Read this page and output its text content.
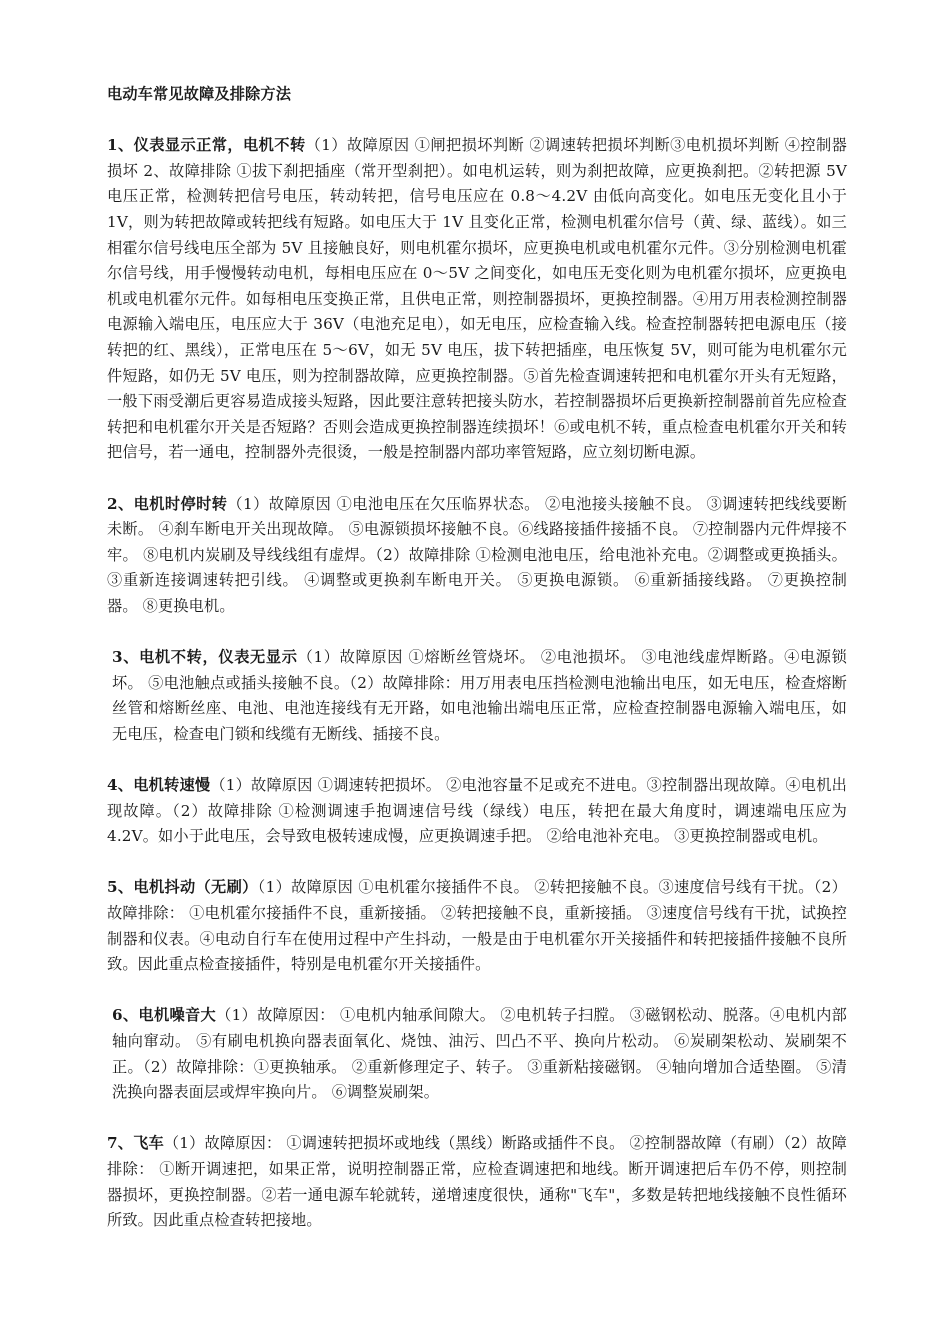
电动车常见故障及排除方法

1、仪表显示正常，电机不转（1）故障原因 ①闸把损坏判断 ②调速转把损坏判断③电机损坏判断 ④控制器损坏 2、故障排除 ①拔下刹把插座（常开型刹把）。如电机运转，则为刹把故障，应更换刹把。②转把源 5V 电压正常，检测转把信号电压，转动转把，信号电压应在 0.8～4.2V 由低向高变化。如电压无变化且小于 1V，则为转把故障或转把线有短路。如电压大于 1V 且变化正常，检测电机霍尔信号（黄、绿、蓝线）。如三相霍尔信号线电压全部为 5V 且接触良好，则电机霍尔损坏，应更换电机或电机霍尔元件。③分别检测电机霍尔信号线，用手慢慢转动电机，每相电压应在 0～5V 之间变化，如电压无变化则为电机霍尔损坏，应更换电机或电机霍尔元件。如每相电压变换正常，且供电正常，则控制器损坏，更换控制器。④用万用表检测控制器电源输入端电压，电压应大于 36V（电池充足电），如无电压，应检查输入线。检查控制器转把电源电压（接转把的红、黑线），正常电压在 5～6V，如无 5V 电压，拔下转把插座，电压恢复 5V，则可能为电机霍尔元件短路，如仍无 5V 电压，则为控制器故障，应更换控制器。⑤首先检查调速转把和电机霍尔开头有无短路，一般下雨受潮后更容易造成接头短路，因此要注意转把接头防水，若控制器损坏后更换新控制器前首先应检查转把和电机霍尔开关是否短路？否则会造成更换控制器连续损坏！⑥或电机不转，重点检查电机霍尔开关和转把信号，若一通电，控制器外壳很烫，一般是控制器内部功率管短路，应立刻切断电源。

2、电机时停时转（1）故障原因 ①电池电压在欠压临界状态。 ②电池接头接触不良。 ③调速转把线线要断未断。 ④刹车断电开关出现故障。 ⑤电源锁损坏接触不良。⑥线路接插件接插不良。 ⑦控制器内元件焊接不牢。 ⑧电机内炭刷及导线线组有虚焊。（2）故障排除 ①检测电池电压，给电池补充电。②调整或更换插头。 ③重新连接调速转把引线。 ④调整或更换刹车断电开关。 ⑤更换电源锁。 ⑥重新插接线路。 ⑦更换控制器。 ⑧更换电机。

3、电机不转，仪表无显示（1）故障原因 ①熔断丝管烧坏。 ②电池损坏。 ③电池线虚焊断路。④电源锁坏。 ⑤电池触点或插头接触不良。（2）故障排除：用万用表电压挡检测电池输出电压，如无电压，检查熔断丝管和熔断丝座、电池、电池连接线有无开路，如电池输出端电压正常，应检查控制器电源输入端电压，如无电压，检查电门锁和线缆有无断线、插接不良。

4、电机转速慢（1）故障原因 ①调速转把损坏。 ②电池容量不足或充不进电。③控制器出现故障。④电机出现故障。（2）故障排除 ①检测调速手抱调速信号线（绿线）电压，转把在最大角度时，调速端电压应为 4.2V。如小于此电压，会导致电极转速成慢，应更换调速手把。 ②给电池补充电。 ③更换控制器或电机。

5、电机抖动（无刷）（1）故障原因 ①电机霍尔接插件不良。 ②转把接触不良。③速度信号线有干扰。（2）故障排除： ①电机霍尔接插件不良，重新接插。 ②转把接触不良，重新接插。 ③速度信号线有干扰，试换控制器和仪表。④电动自行车在使用过程中产生抖动，一般是由于电机霍尔开关接插件和转把接插件接触不良所致。因此重点检查接插件，特别是电机霍尔开关接插件。

6、电机噪音大（1）故障原因： ①电机内轴承间隙大。 ②电机转子扫膛。 ③磁钢松动、脱落。④电机内部轴向窜动。 ⑤有刷电机换向器表面氧化、烧蚀、油污、凹凸不平、换向片松动。 ⑥炭刷架松动、炭刷架不正。（2）故障排除：①更换轴承。 ②重新修理定子、转子。 ③重新粘接磁钢。 ④轴向增加合适垫圈。 ⑤清洗换向器表面层或焊牢换向片。 ⑥调整炭刷架。

7、飞车（1）故障原因： ①调速转把损坏或地线（黑线）断路或插件不良。 ②控制器故障（有刷）（2）故障排除： ①断开调速把，如果正常，说明控制器正常，应检查调速把和地线。断开调速把后车仍不停，则控制器损坏，更换控制器。②若一通电源车轮就转，递增速度很快，通称"飞车"，多数是转把地线接触不良性循环所致。因此重点检查转把接地。
